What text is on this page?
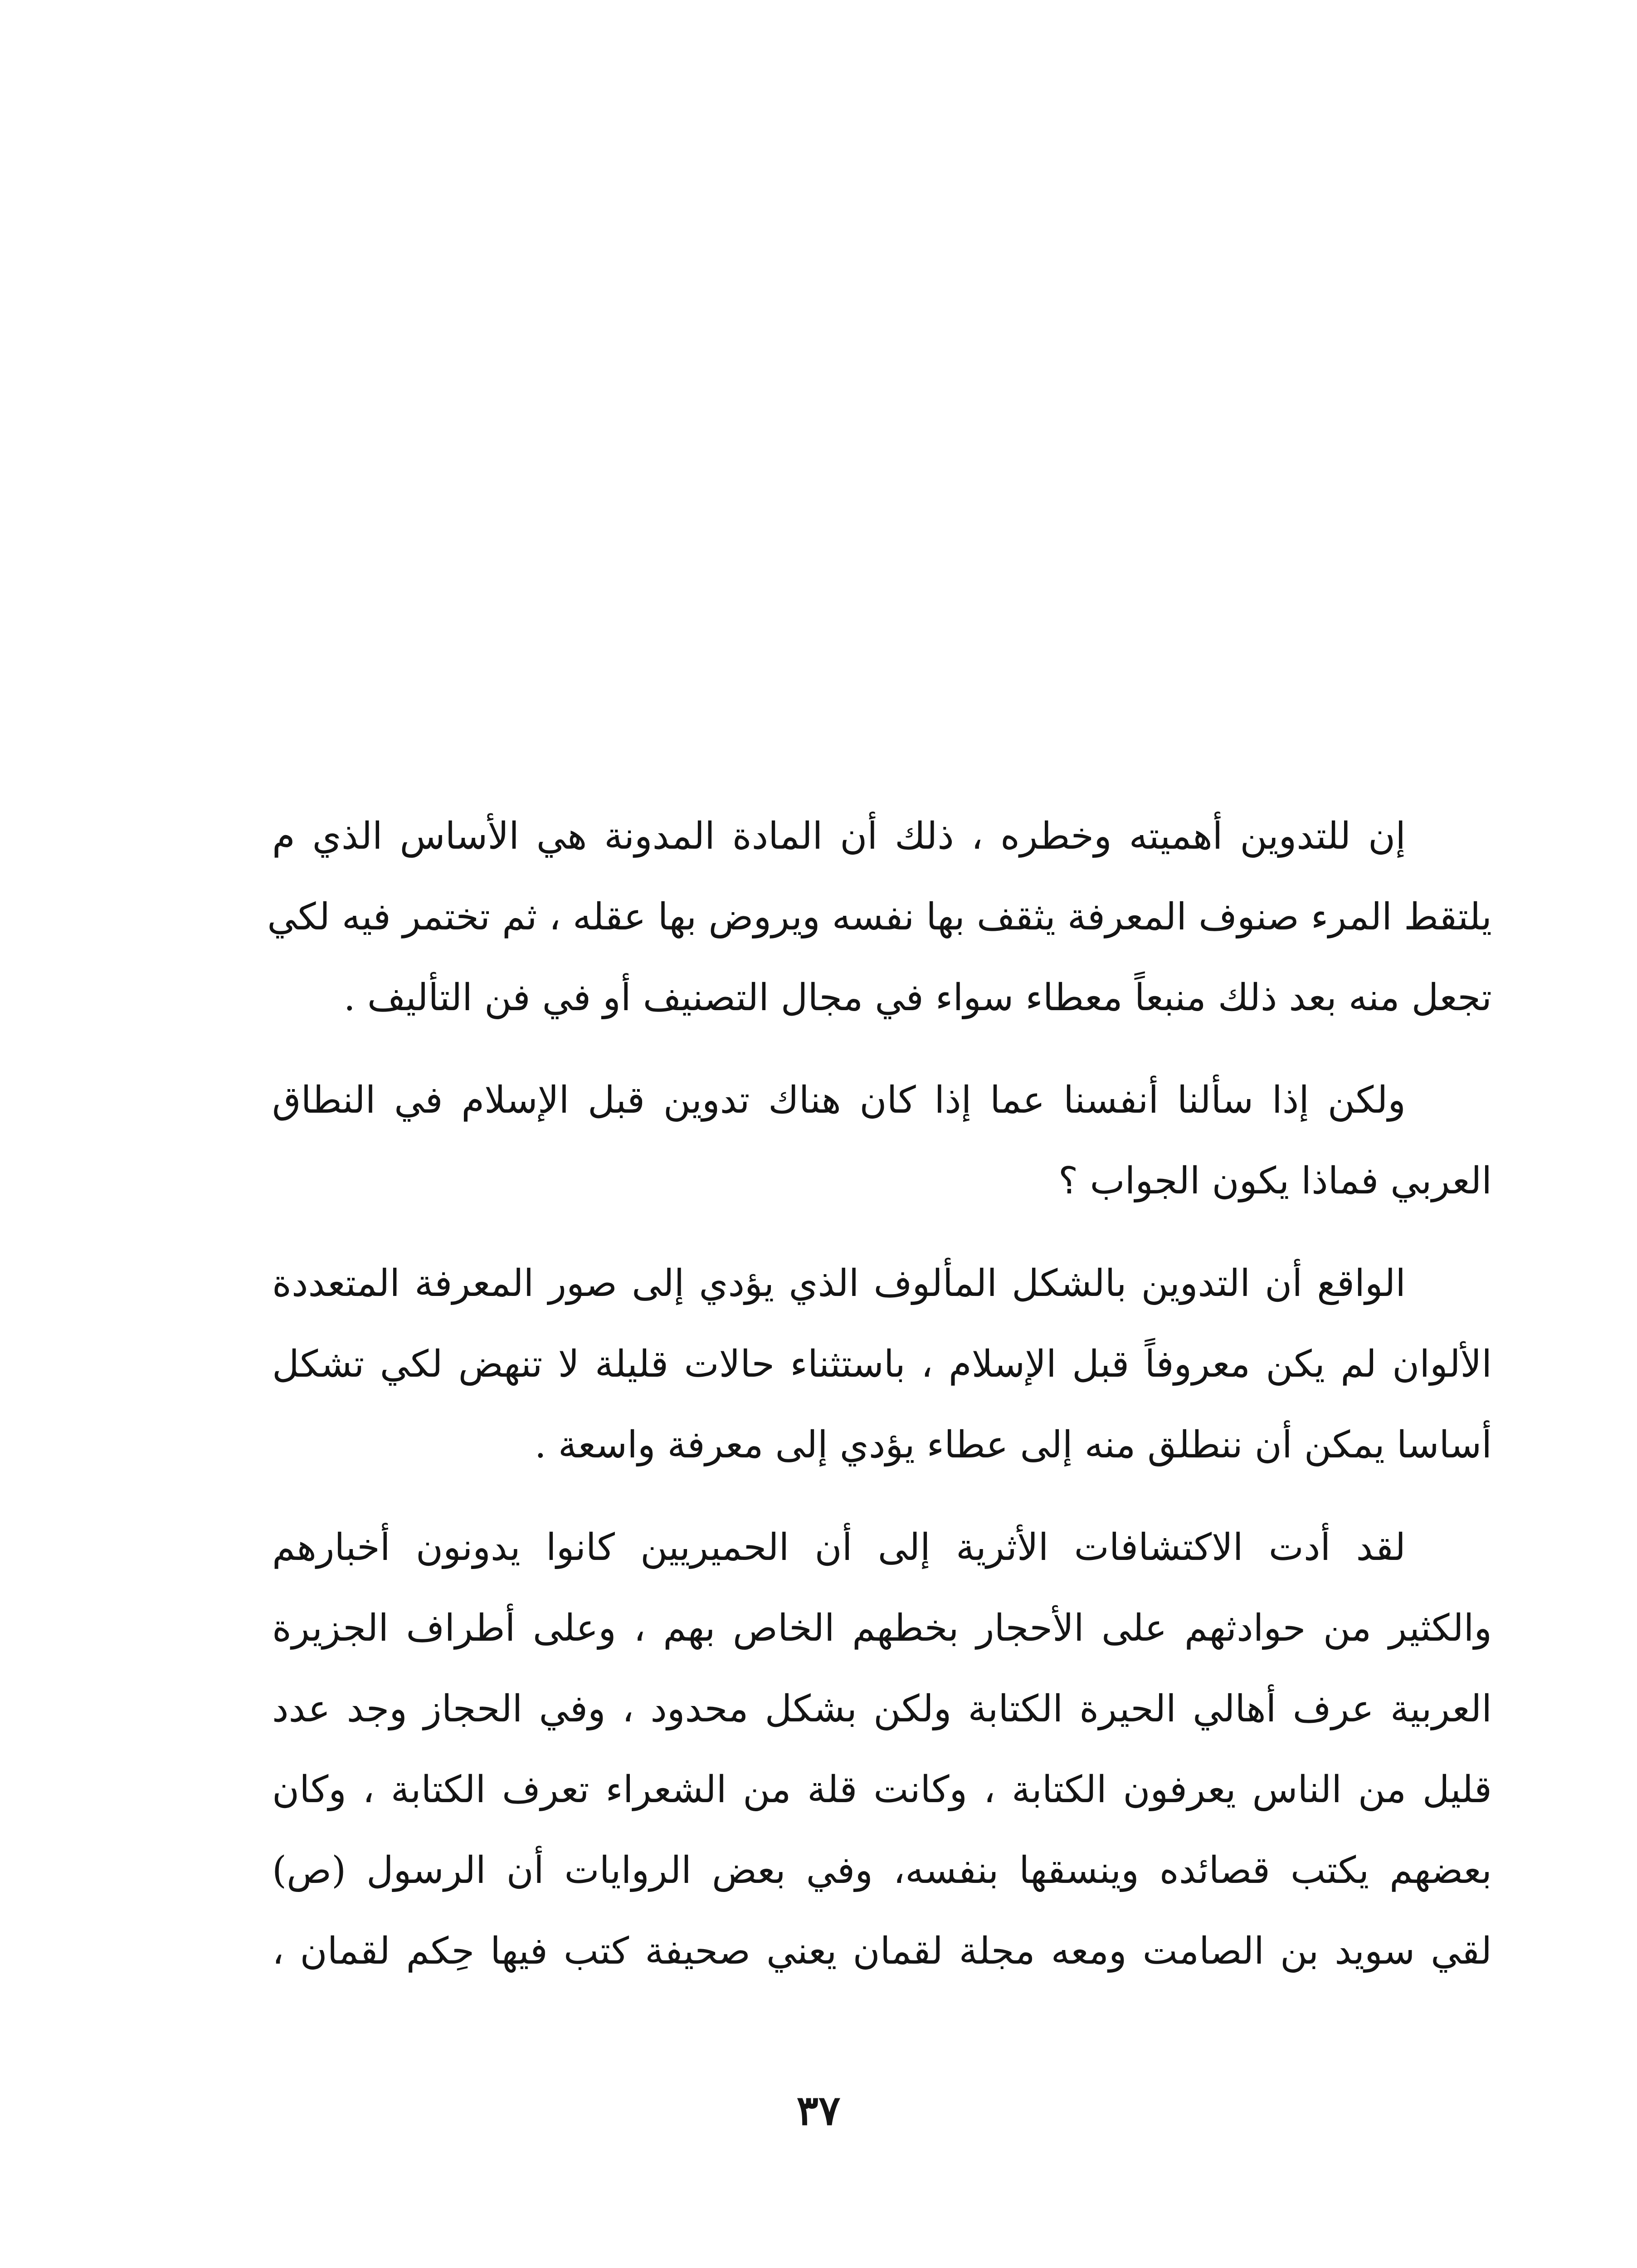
إن للتدوين أهميته وخطره ، ذلك أن المادة المدونة هي الأساس الذي م
يلتقط المرء صنوف المعرفة يثقف بها نفسه ويروض بها عقله ، ثم تختمر فيه لكي
تجعل منه بعد ذلك منبعاً معطاء سواء في مجال التصنيف أو في فن التأليف .

ولكن إذا سألنا أنفسنا عما إذا كان هناك تدوين قبل الإسلام في النطاق
العربي فماذا يكون الجواب ؟

الواقع أن التدوين بالشكل المألوف الذي يؤدي إلى صور المعرفة المتعددة
الألوان لم يكن معروفاً قبل الإسلام ، باستثناء حالات قليلة لا تنهض لكي تشكل
أساسا يمكن أن ننطلق منه إلى عطاء يؤدي إلى معرفة واسعة .

لقد أدت الاكتشافات الأثرية إلى أن الحميريين كانوا يدونون أخبارهم
والكثير من حوادثهم على الأحجار بخطهم الخاص بهم ، وعلى أطراف الجزيرة
العربية عرف أهالي الحيرة الكتابة ولكن بشكل محدود ، وفي الحجاز وجد عدد
قليل من الناس يعرفون الكتابة ، وكانت قلة من الشعراء تعرف الكتابة ، وكان
بعضهم يكتب قصائده وينسقها بنفسه، وفي بعض الروايات أن الرسول (ص)
لقي سويد بن الصامت ومعه مجلة لقمان يعني صحيفة كتب فيها حِكم لقمان ،

٣٧
